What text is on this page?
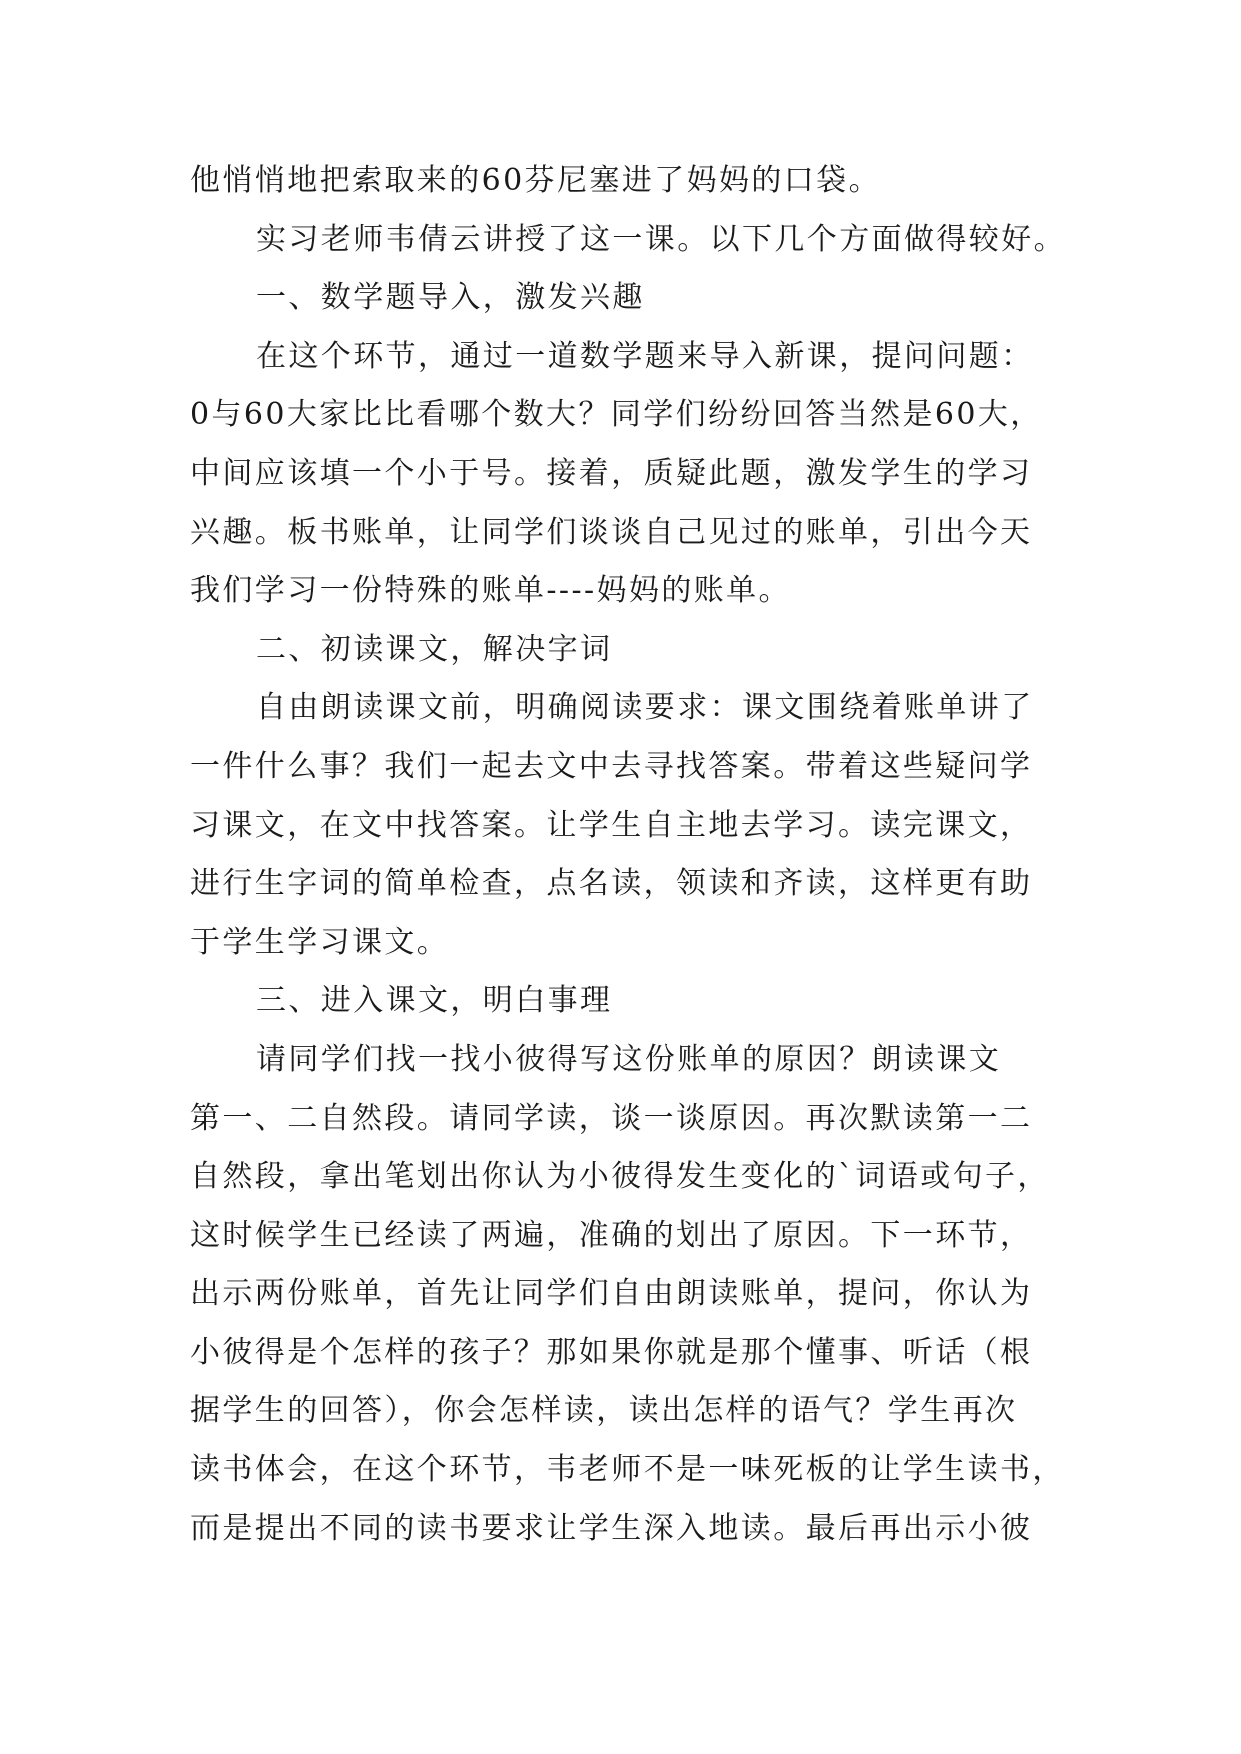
他悄悄地把索取来的60芬尼塞进了妈妈的口袋。
实习老师韦倩云讲授了这一课。以下几个方面做得较好。
一、数学题导入，激发兴趣
在这个环节，通过一道数学题来导入新课，提问问题：
0与60大家比比看哪个数大？同学们纷纷回答当然是60大，
中间应该填一个小于号。接着，质疑此题，激发学生的学习
兴趣。板书账单，让同学们谈谈自己见过的账单，引出今天
我们学习一份特殊的账单----妈妈的账单。
二、初读课文，解决字词
自由朗读课文前，明确阅读要求：课文围绕着账单讲了
一件什么事？我们一起去文中去寻找答案。带着这些疑问学
习课文，在文中找答案。让学生自主地去学习。读完课文，
进行生字词的简单检查，点名读，领读和齐读，这样更有助
于学生学习课文。
三、进入课文，明白事理
请同学们找一找小彼得写这份账单的原因？朗读课文
第一、二自然段。请同学读，谈一谈原因。再次默读第一二
自然段，拿出笔划出你认为小彼得发生变化的`词语或句子，
这时候学生已经读了两遍，准确的划出了原因。下一环节，
出示两份账单，首先让同学们自由朗读账单，提问，你认为
小彼得是个怎样的孩子？那如果你就是那个懂事、听话（根
据学生的回答），你会怎样读，读出怎样的语气？学生再次
读书体会，在这个环节，韦老师不是一味死板的让学生读书，
而是提出不同的读书要求让学生深入地读。最后再出示小彼
